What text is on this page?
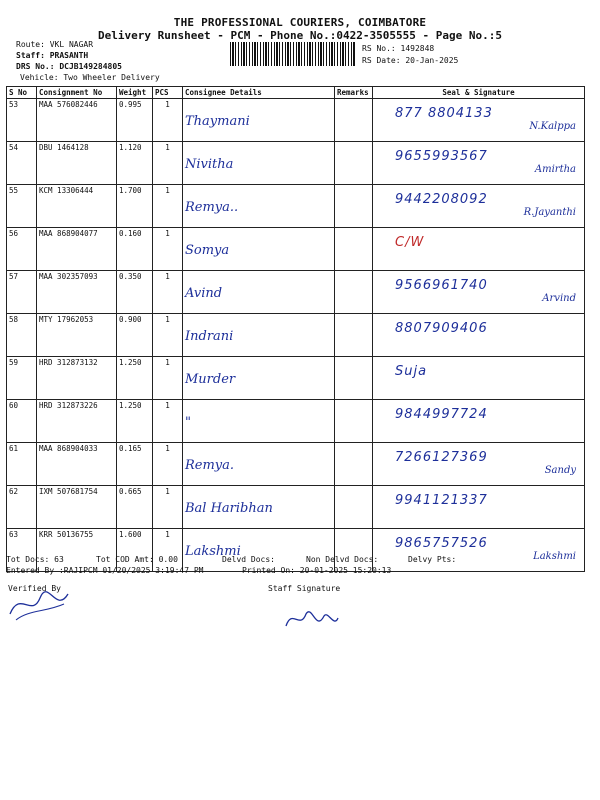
THE PROFESSIONAL COURIERS, COIMBATORE
Delivery Runsheet - PCM - Phone No.:0422-3505555 - Page No.:5
Route: VKL NAGAR
Staff: PRASANTH
DRS No.: DCJB149284805
Vehicle: Two Wheeler Delivery
RS No.: 1492848
RS Date: 20-Jan-2025
S No	Consignment No	Weight	PCS	Consignee Details	Remarks	Seal & Signature
53	MAA 576082446	0.995	1	Thaymani		877 8804133
N.Kalppa

54	DBU 1464128	1.120	1	Nivitha		9655993567
Amirtha

55	KCM 13306444	1.700	1	Remya..		9442208092
R.Jayanthi

56	MAA 868904077	0.160	1	Somya		C/W

57	MAA 302357093	0.350	1	Avind		9566961740
Arvind

58	MTY 17962053	0.900	1	Indrani		8807909406

59	HRD 312873132	1.250	1	Murder		Suja

60	HRD 312873226	1.250	1	"		9844997724

61	MAA 868904033	0.165	1	Remya.		7266127369
Sandy

62	IXM 507681754	0.665	1	Bal Haribhan		9941121337

63	KRR 50136755	1.600	1	Lakshmi		9865757526
Lakshmi
Tot Docs: 63	Tot COD Amt: 0.00	Delvd Docs:	Non Delvd Docs:	Delvy Pts:
Entered By :RAJIPCM 01/20/2025 3:19:47 PM	Printed On: 20-01-2025 15:20:13
Verified By	Staff Signature
